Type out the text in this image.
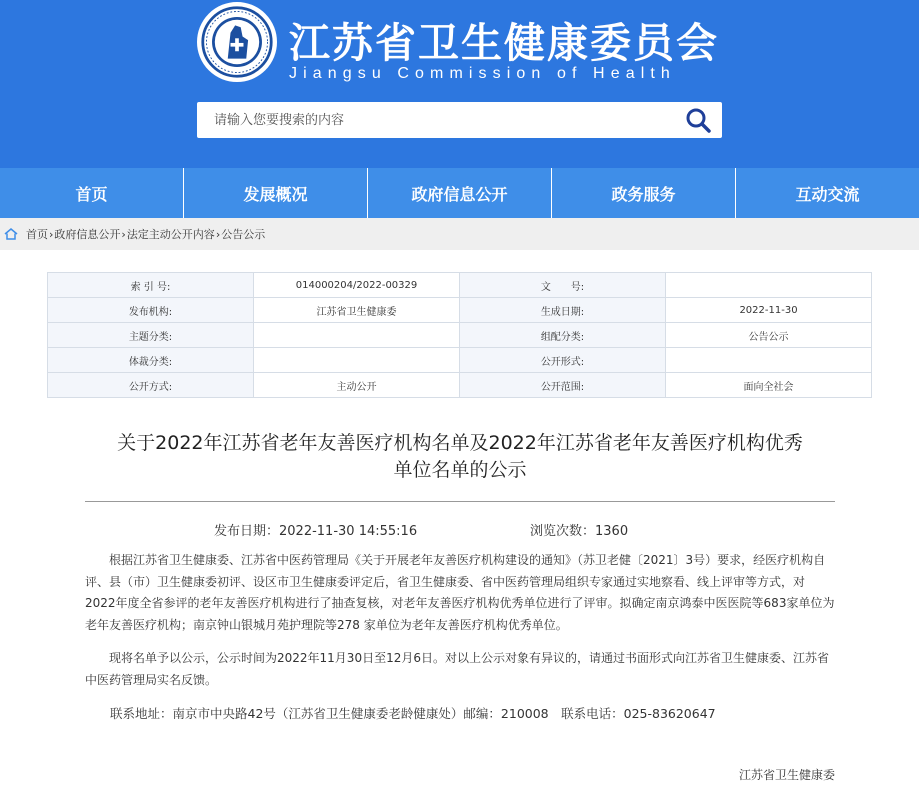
江苏省卫生健康委员会
Jiangsu Commission of Health
请输入您要搜索的内容
首页	发展概况	政府信息公开	政务服务	互动交流
首页 › 政府信息公开 › 法定主动公开内容 › 公告公示
索 引 号:	014000204/2022-00329	文　　号:	
发布机构:	江苏省卫生健康委	生成日期:	2022-11-30
主题分类:		组配分类:	公告公示
体裁分类:		公开形式:	
公开方式:	主动公开	公开范围:	面向全社会
关于2022年江苏省老年友善医疗机构名单及2022年江苏省老年友善医疗机构优秀
单位名单的公示
发布日期：2022-11-30 14:55:16	浏览次数：1360

根据江苏省卫生健康委、江苏省中医药管理局《关于开展老年友善医疗机构建设的通知》（苏卫老健〔2021〕3号）要求，经医疗机构自评、县（市）卫生健康委初评、设区市卫生健康委评定后，省卫生健康委、省中医药管理局组织专家通过实地察看、线上评审等方式，对2022年度全省参评的老年友善医疗机构进行了抽查复核，对老年友善医疗机构优秀单位进行了评审。拟确定南京鸿泰中医医院等683家单位为老年友善医疗机构；南京钟山银城月苑护理院等278 家单位为老年友善医疗机构优秀单位。

现将名单予以公示，公示时间为2022年11月30日至12月6日。对以上公示对象有异议的，请通过书面形式向江苏省卫生健康委、江苏省中医药管理局实名反馈。

联系地址：南京市中央路42号（江苏省卫生健康委老龄健康处）邮编：210008　联系电话：025-83620647

江苏省卫生健康委
